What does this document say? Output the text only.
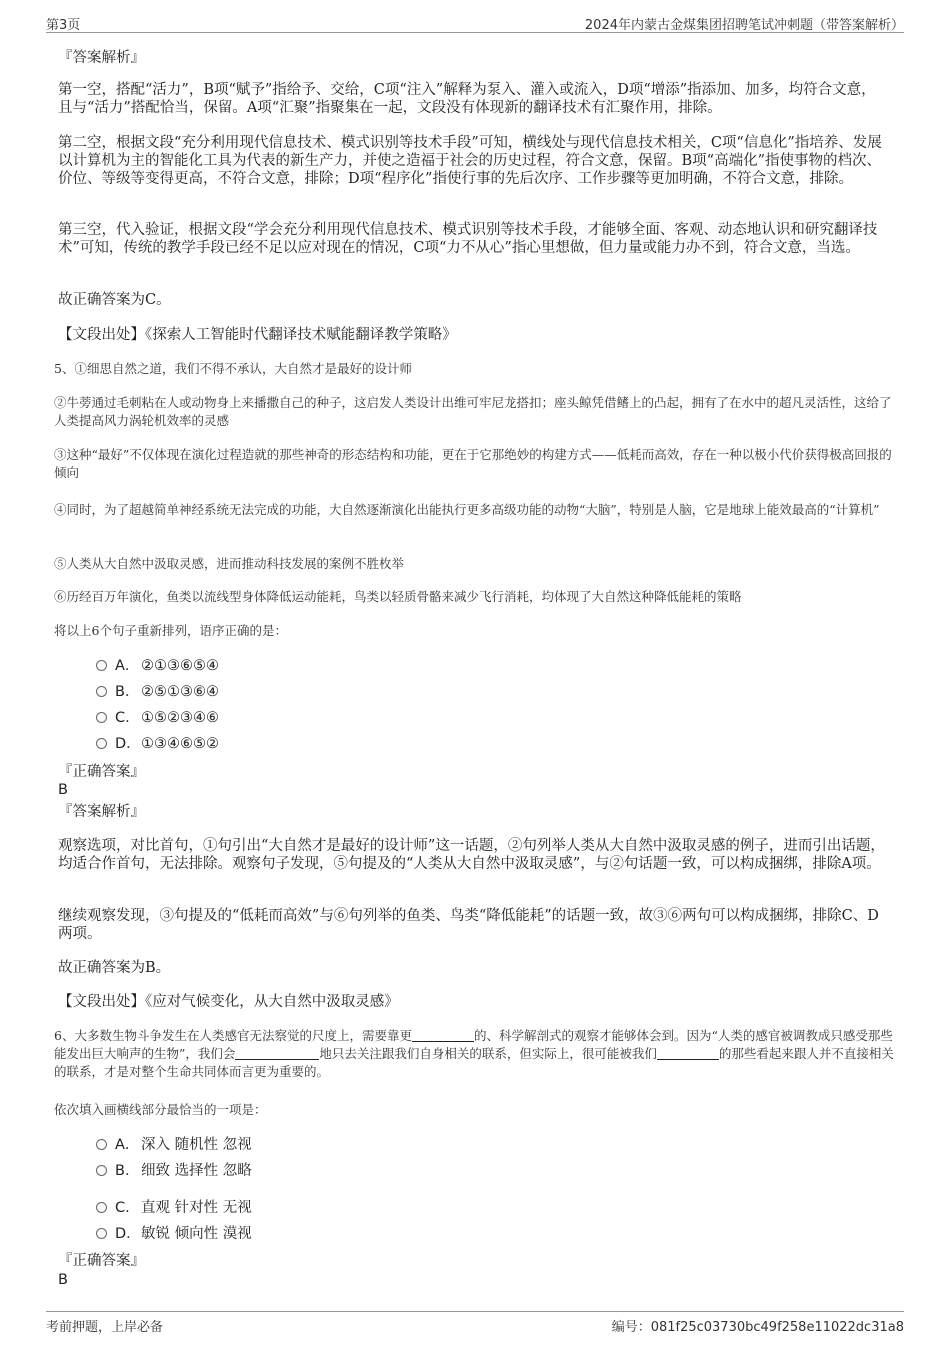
第3页	2024年内蒙古金煤集团招聘笔试冲刺题（带答案解析）

『答案解析』

第一空，搭配“活力”，B项“赋予”指给予、交给，C项“注入”解释为泵入、灌入或流入，D项“增添”指添加、加多，均符合文意，且与“活力”搭配恰当，保留。A项“汇聚”指聚集在一起，文段没有体现新的翻译技术有汇聚作用，排除。

第二空，根据文段“充分利用现代信息技术、模式识别等技术手段”可知，横线处与现代信息技术相关，C项“信息化”指培养、发展以计算机为主的智能化工具为代表的新生产力，并使之造福于社会的历史过程，符合文意，保留。B项“高端化”指使事物的档次、价位、等级等变得更高，不符合文意，排除；D项“程序化”指使行事的先后次序、工作步骤等更加明确，不符合文意，排除。

第三空，代入验证，根据文段“学会充分利用现代信息技术、模式识别等技术手段，才能够全面、客观、动态地认识和研究翻译技术”可知，传统的教学手段已经不足以应对现在的情况，C项“力不从心”指心里想做，但力量或能力办不到，符合文意，当选。

故正确答案为C。

【文段出处】《探索人工智能时代翻译技术赋能翻译教学策略》

5、①细思自然之道，我们不得不承认，大自然才是最好的设计师

②牛蒡通过毛刺粘在人或动物身上来播撒自己的种子，这启发人类设计出维可牢尼龙搭扣；座头鲸凭借鳍上的凸起，拥有了在水中的超凡灵活性，这给了人类提高风力涡轮机效率的灵感

③这种“最好”不仅体现在演化过程造就的那些神奇的形态结构和功能，更在于它那绝妙的构建方式——低耗而高效，存在一种以极小代价获得极高回报的倾向

④同时，为了超越简单神经系统无法完成的功能，大自然逐渐演化出能执行更多高级功能的动物“大脑”，特别是人脑，它是地球上能效最高的“计算机”

⑤人类从大自然中汲取灵感，进而推动科技发展的案例不胜枚举

⑥历经百万年演化，鱼类以流线型身体降低运动能耗，鸟类以轻质骨骼来减少飞行消耗，均体现了大自然这种降低能耗的策略

将以上6个句子重新排列，语序正确的是：

A． ②①③⑥⑤④
B． ②⑤①③⑥④
C．①⑤②③④⑥
D．①③④⑥⑤②

『正确答案』

B

『答案解析』

观察选项，对比首句，①句引出“大自然才是最好的设计师”这一话题，②句列举人类从大自然中汲取灵感的例子，进而引出话题，均适合作首句，无法排除。观察句子发现，⑤句提及的“人类从大自然中汲取灵感”，与②句话题一致，可以构成捆绑，排除A项。

继续观察发现，③句提及的“低耗而高效”与⑥句列举的鱼类、鸟类“降低能耗”的话题一致，故③⑥两句可以构成捆绑，排除C、D两项。

故正确答案为B。

【文段出处】《应对气候变化，从大自然中汲取灵感》

6、大多数生物斗争发生在人类感官无法察觉的尺度上，需要靠更	的、科学解剖式的观察才能够体会到。因为“人类的感官被调教成只感受那些能发出巨大响声的生物”，我们会	地只去关注跟我们自身相关的联系，但实际上，很可能被我们	的那些看起来跟人并不直接相关的联系，才是对整个生命共同体而言更为重要的。

依次填入画横线部分最恰当的一项是：

A． 深入 随机性 忽视
B． 细致 选择性 忽略
C．直观 针对性 无视
D．敏锐 倾向性 漠视

『正确答案』

B

考前押题，上岸必备	编号：081f25c03730bc49f258e11022dc31a8
